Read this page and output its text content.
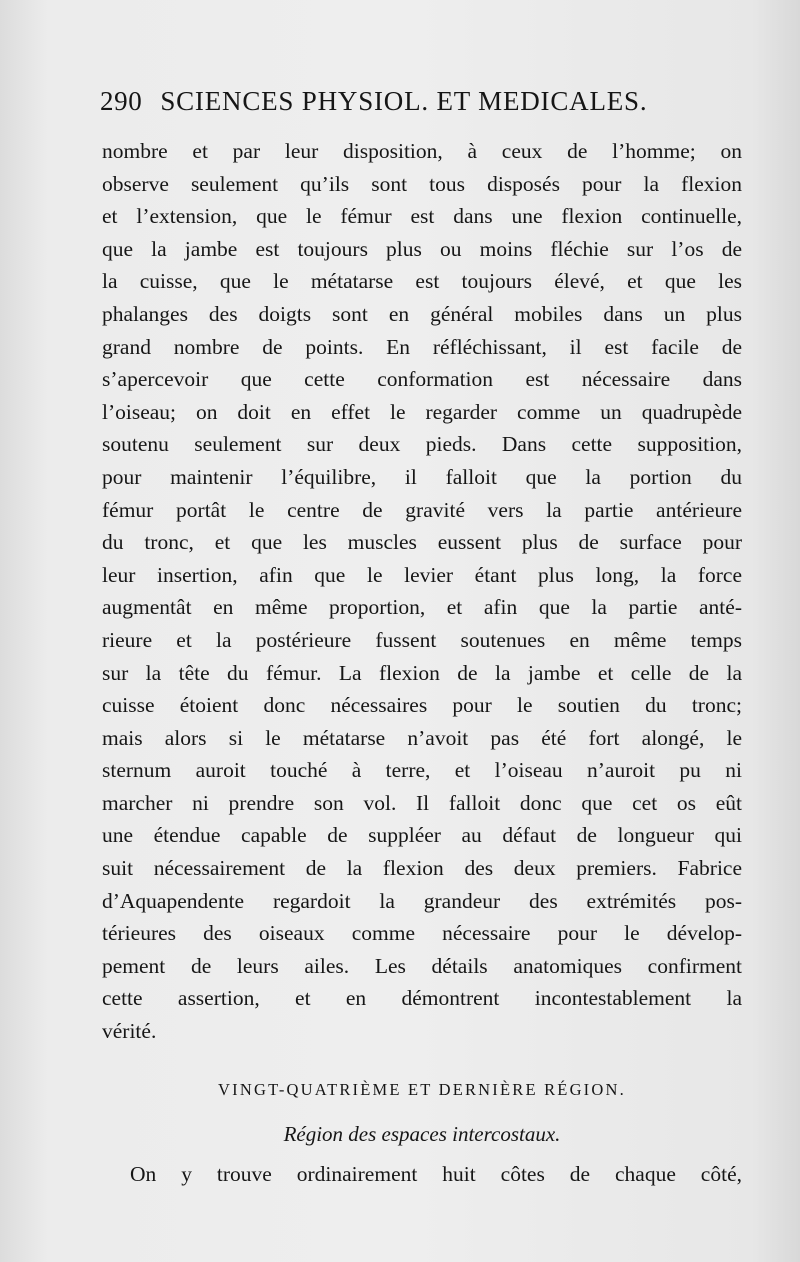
290 SCIENCES PHYSIOL. ET MEDICALES.
nombre et par leur disposition, à ceux de l’homme; on
observe seulement qu’ils sont tous disposés pour la flexion
et l’extension, que le fémur est dans une flexion continuelle,
que la jambe est toujours plus ou moins fléchie sur l’os de
la cuisse, que le métatarse est toujours élevé, et que les
phalanges des doigts sont en général mobiles dans un plus
grand nombre de points. En réfléchissant, il est facile de
s’apercevoir que cette conformation est nécessaire dans
l’oiseau; on doit en effet le regarder comme un quadrupède
soutenu seulement sur deux pieds. Dans cette supposition,
pour maintenir l’équilibre, il falloit que la portion du
fémur portât le centre de gravité vers la partie antérieure
du tronc, et que les muscles eussent plus de surface pour
leur insertion, afin que le levier étant plus long, la force
augmentât en même proportion, et afin que la partie anté-
rieure et la postérieure fussent soutenues en même temps
sur la tête du fémur. La flexion de la jambe et celle de la
cuisse étoient donc nécessaires pour le soutien du tronc;
mais alors si le métatarse n’avoit pas été fort alongé, le
sternum auroit touché à terre, et l’oiseau n’auroit pu ni
marcher ni prendre son vol. Il falloit donc que cet os eût
une étendue capable de suppléer au défaut de longueur qui
suit nécessairement de la flexion des deux premiers. Fabrice
d’Aquapendente regardoit la grandeur des extrémités pos-
térieures des oiseaux comme nécessaire pour le dévelop-
pement de leurs ailes. Les détails anatomiques confirment
cette assertion, et en démontrent incontestablement la
vérité.
VINGT-QUATRIÈME ET DERNIÈRE RÉGION.
Région des espaces intercostaux.
On y trouve ordinairement huit côtes de chaque côté,
